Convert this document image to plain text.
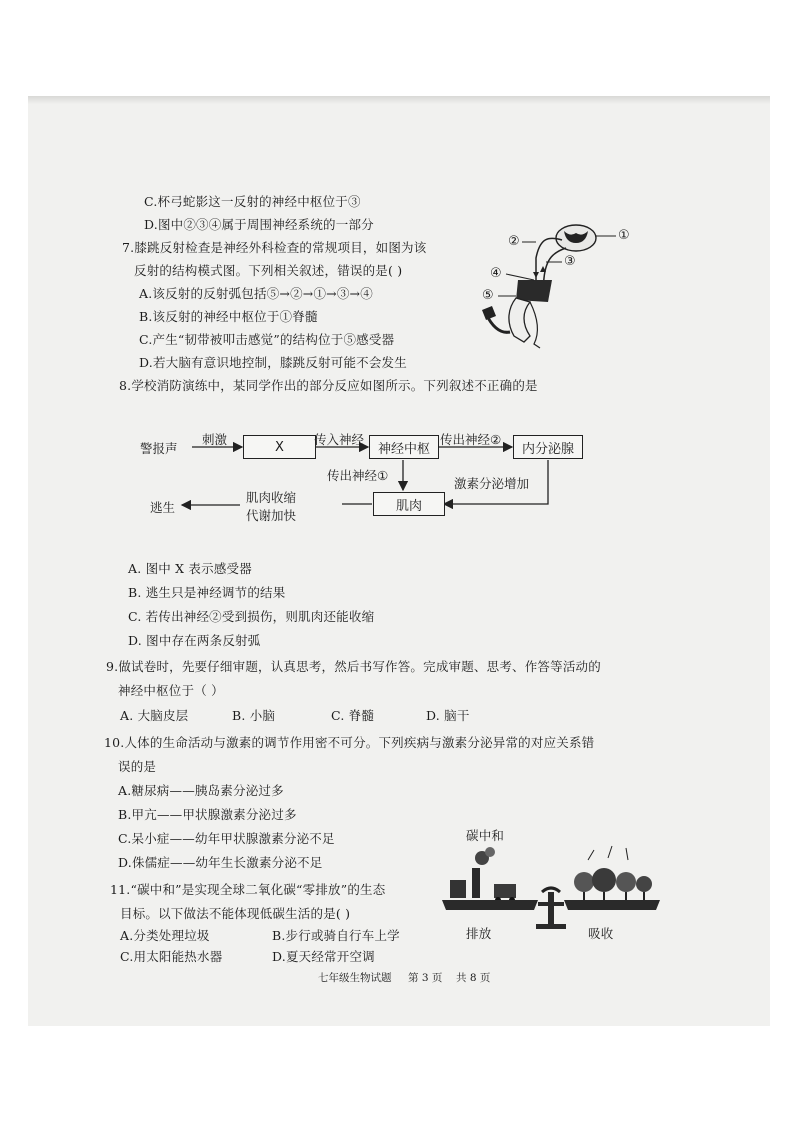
C.杯弓蛇影这一反射的神经中枢位于③
D.图中②③④属于周围神经系统的一部分
7.膝跳反射检查是神经外科检查的常规项目，如图为该
反射的结构模式图。下列相关叙述，错误的是( )
A.该反射的反射弧包括⑤→②→①→③→④
B.该反射的神经中枢位于①脊髓
C.产生“韧带被叩击感觉”的结构位于⑤感受器
D.若大脑有意识地控制，膝跳反射可能不会发生
①
②
③
④
⑤
8.学校消防演练中，某同学作出的部分反应如图所示。下列叙述不正确的是
警报声
刺激	X	传入神经
神经中枢
传出神经②
内分泌腺
传出神经①
激素分泌增加
肌肉
肌肉收缩
代谢加快
逃生
A. 图中 X 表示感受器
B. 逃生只是神经调节的结果
C. 若传出神经②受到损伤，则肌肉还能收缩
D. 图中存在两条反射弧
9.做试卷时，先要仔细审题，认真思考，然后书写作答。完成审题、思考、作答等活动的
神经中枢位于（ ）
A. 大脑皮层	B. 小脑	C. 脊髓	D. 脑干
10.人体的生命活动与激素的调节作用密不可分。下列疾病与激素分泌异常的对应关系错
误的是
A.糖尿病——胰岛素分泌过多
B.甲亢——甲状腺激素分泌过多
C.呆小症——幼年甲状腺激素分泌不足
D.侏儒症——幼年生长激素分泌不足
11.“碳中和”是实现全球二氧化碳“零排放”的生态
目标。以下做法不能体现低碳生活的是( )
A.分类处理垃圾	B.步行或骑自行车上学
C.用太阳能热水器	D.夏天经常开空调
碳中和
排放	吸收
七年级生物试题 第 3 页 共 8 页
